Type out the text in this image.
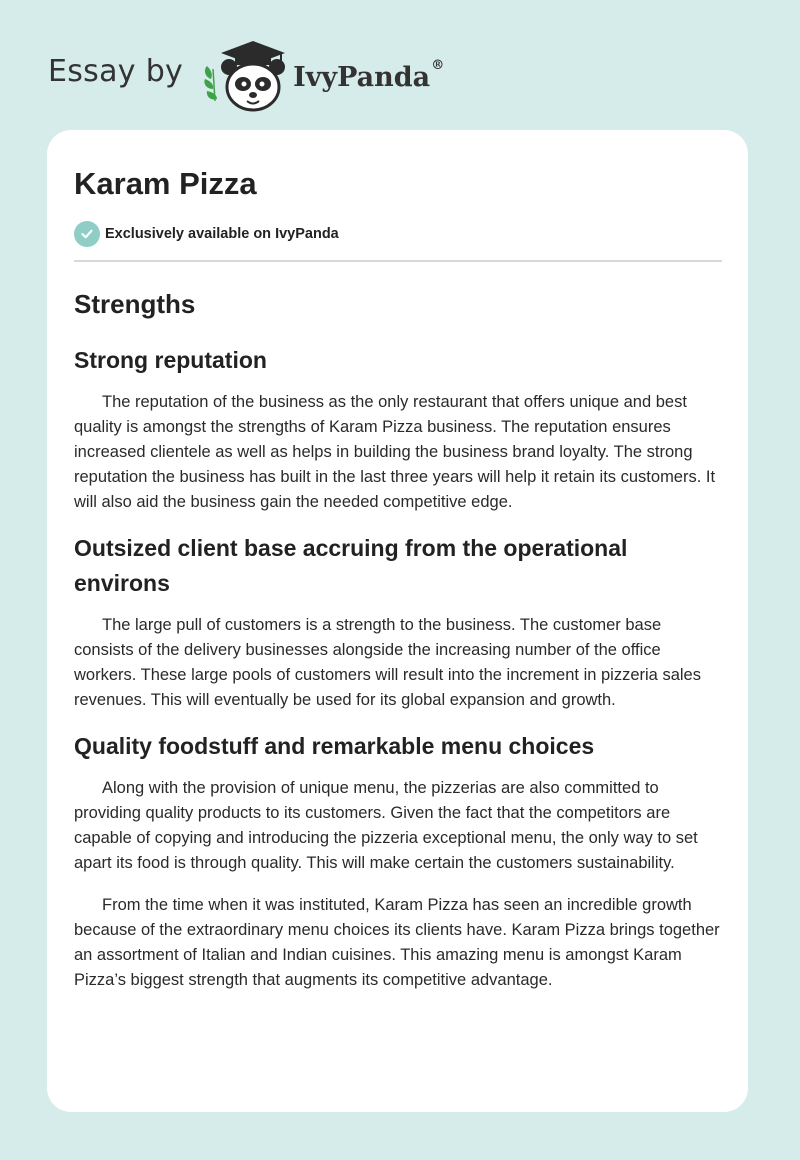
Essay by	IvyPanda®
Karam Pizza
Exclusively available on IvyPanda
Strengths
Strong reputation

The reputation of the business as the only restaurant that offers unique and best quality is amongst the strengths of Karam Pizza business. The reputation ensures increased clientele as well as helps in building the business brand loyalty. The strong reputation the business has built in the last three years will help it retain its customers. It will also aid the business gain the needed competitive edge.

Outsized client base accruing from the operational environs

The large pull of customers is a strength to the business. The customer base consists of the delivery businesses alongside the increasing number of the office workers. These large pools of customers will result into the increment in pizzeria sales revenues. This will eventually be used for its global expansion and growth.

Quality foodstuff and remarkable menu choices

Along with the provision of unique menu, the pizzerias are also committed to providing quality products to its customers. Given the fact that the competitors are capable of copying and introducing the pizzeria exceptional menu, the only way to set apart its food is through quality. This will make certain the customers sustainability.

From the time when it was instituted, Karam Pizza has seen an incredible growth because of the extraordinary menu choices its clients have. Karam Pizza brings together an assortment of Italian and Indian cuisines. This amazing menu is amongst Karam Pizza’s biggest strength that augments its competitive advantage.
